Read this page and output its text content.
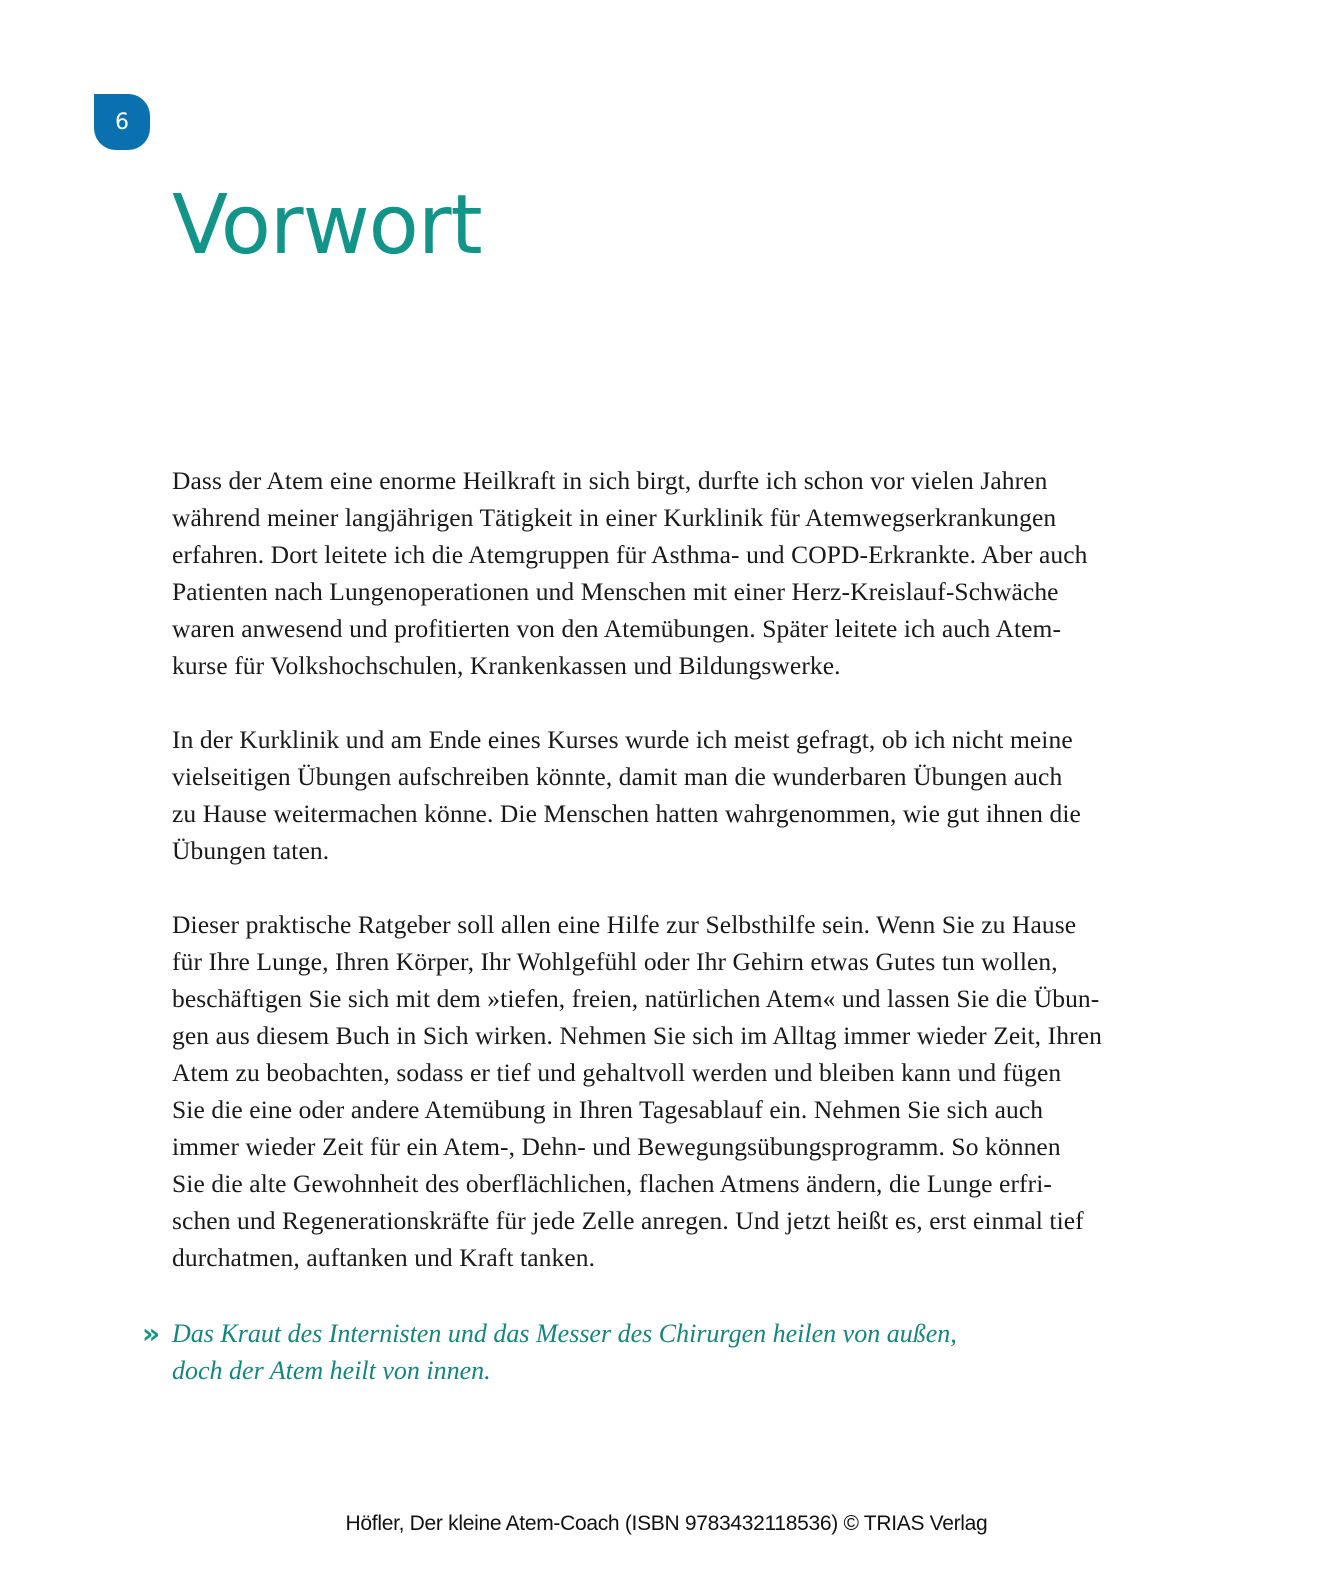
6
Vorwort

Dass der Atem eine enorme Heilkraft in sich birgt, durfte ich schon vor vielen Jahren
während meiner langjährigen Tätigkeit in einer Kurklinik für Atemwegserkrankungen
erfahren. Dort leitete ich die Atemgruppen für Asthma- und COPD-Erkrankte. Aber auch
Patienten nach Lungenoperationen und Menschen mit einer Herz-Kreislauf-Schwäche
waren anwesend und profitierten von den Atemübungen. Später leitete ich auch Atem-
kurse für Volkshochschulen, Krankenkassen und Bildungswerke.

In der Kurklinik und am Ende eines Kurses wurde ich meist gefragt, ob ich nicht meine
vielseitigen Übungen aufschreiben könnte, damit man die wunderbaren Übungen auch
zu Hause weitermachen könne. Die Menschen hatten wahrgenommen, wie gut ihnen die
Übungen taten.

Dieser praktische Ratgeber soll allen eine Hilfe zur Selbsthilfe sein. Wenn Sie zu Hause
für Ihre Lunge, Ihren Körper, Ihr Wohlgefühl oder Ihr Gehirn etwas Gutes tun wollen,
beschäftigen Sie sich mit dem »tiefen, freien, natürlichen Atem« und lassen Sie die Übun-
gen aus diesem Buch in Sich wirken. Nehmen Sie sich im Alltag immer wieder Zeit, Ihren
Atem zu beobachten, sodass er tief und gehaltvoll werden und bleiben kann und fügen
Sie die eine oder andere Atemübung in Ihren Tagesablauf ein. Nehmen Sie sich auch
immer wieder Zeit für ein Atem-, Dehn- und Bewegungsübungsprogramm. So können
Sie die alte Gewohnheit des oberflächlichen, flachen Atmens ändern, die Lunge erfri-
schen und Regenerationskräfte für jede Zelle anregen. Und jetzt heißt es, erst einmal tief
durchatmen, auftanken und Kraft tanken.

» Das Kraut des Internisten und das Messer des Chirurgen heilen von außen,
doch der Atem heilt von innen.
Höfler, Der kleine Atem-Coach (ISBN 9783432118536) © TRIAS Verlag
